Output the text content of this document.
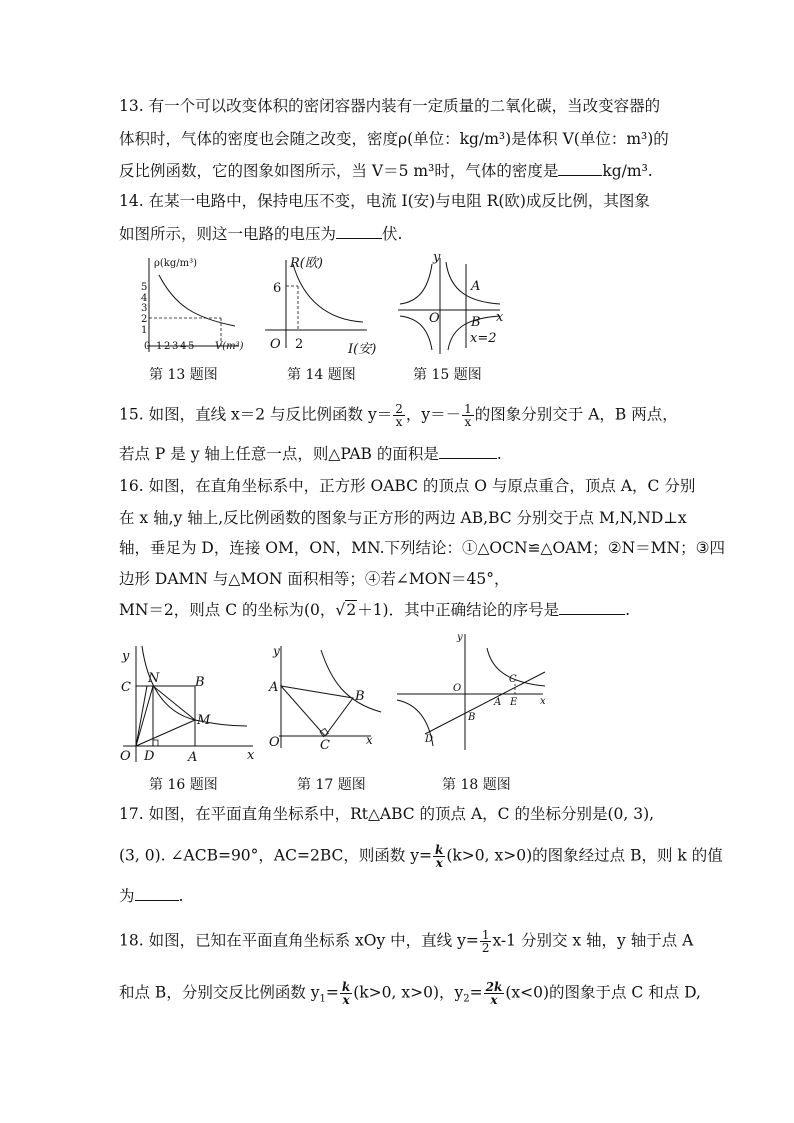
13. 有一个可以改变体积的密闭容器内装有一定质量的二氧化碳，当改变容器的
体积时，气体的密度也会随之改变，密度ρ(单位：kg/m³)是体积 V(单位：m³)的
反比例函数，它的图象如图所示，当 V＝5 m³时，气体的密度是	kg/m³.
14. 在某一电路中，保持电压不变，电流 I(安)与电阻 R(欧)成反比例，其图象
如图所示，则这一电路的电压为	伏.
ρ(kg/m³)
5
4
3
2
1
0 1 2 3 4 5 V(m³)
第 13 题图
R(欧)
6
O 2	I(安)
第 14 题图
y
x
O
A
B
x=2
第 15 题图
15. 如图，直线 x＝2 与反比例函数 $y= \frac{2}{x}$ ，$y=- \frac{1}{x}$ 的图象分别交于 A，B 两点，
若点 P 是 y 轴上任意一点，则△PAB 的面积是	.
16. 如图，在直角坐标系中，正方形 OABC 的顶点 O 与原点重合，顶点 A，C 分别
在 x 轴,y 轴上,反比例函数的图象与正方形的两边 AB,BC 分别交于点 M,N,ND⊥x
轴，垂足为 D，连接 OM，ON，MN.下列结论：①△OCN≌△OAM；②N＝MN；③四
边形 DAMN 与△MON 面积相等；④若∠MON＝45°，
MN＝2，则点 C 的坐标为(0，√2＋1)．其中正确结论的序号是	.
y
x
C
N	B
M
O D	A
第 16 题图
y
x
A
B
O	C
第 17 题图
y
x
O
C
A E
B
D
第 18 题图
17. 如图，在平面直角坐标系中，Rt△ABC 的顶点 A，C 的坐标分别是(0, 3),
(3, 0). ∠ACB=90°，AC=2BC，则函数 $y= \frac{k}{x} (k>0$, x>0)的图象经过点 B，则 k 的值
为	.
18. 如图，已知在平面直角坐标系 xOy 中，直线 $y= \frac{1}{2} x-1$ 分别交 x 轴，y 轴于点 A
和点 B，分别交反比例函数 $y_1= \frac{k}{x} (k>0$, x>0)，$y_2= \frac{2k}{x} (x<0)$的图象于点 C 和点 D,
